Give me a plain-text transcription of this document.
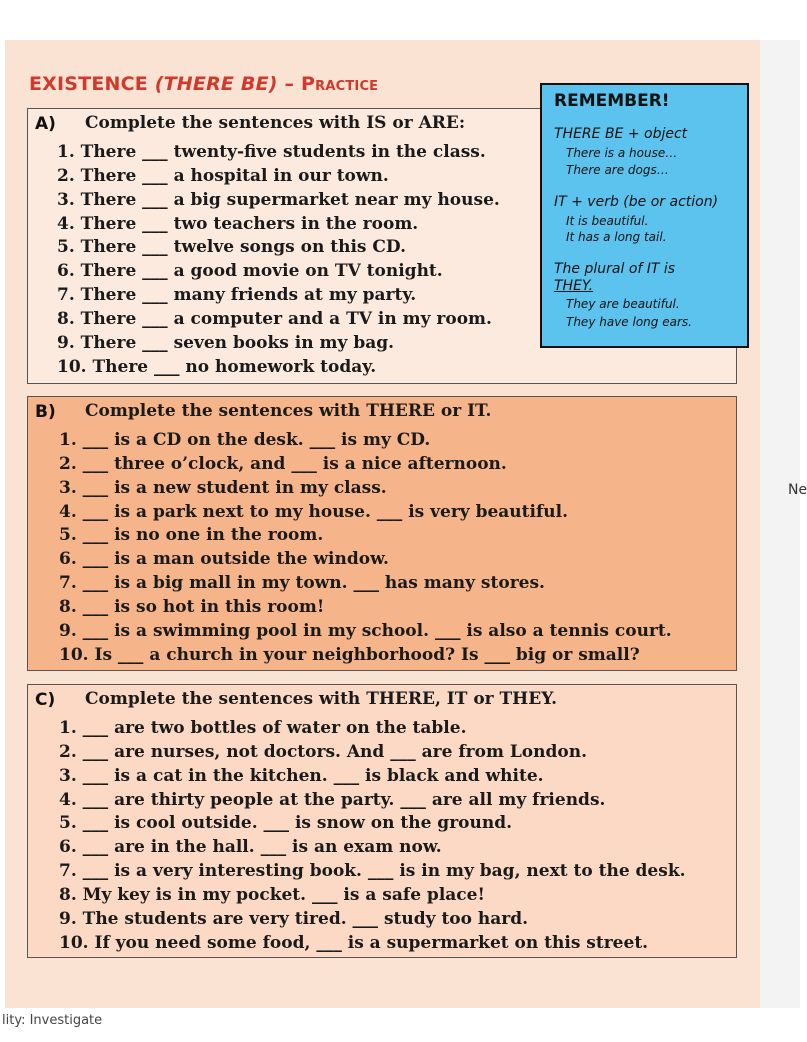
Ne
EXISTENCE (THERE BE) – Practice
A) Complete the sentences with IS or ARE:
1. There ___ twenty-five students in the class.
2. There ___ a hospital in our town.
3. There ___ a big supermarket near my house.
4. There ___ two teachers in the room.
5. There ___ twelve songs on this CD.
6. There ___ a good movie on TV tonight.
7. There ___ many friends at my party.
8. There ___ a computer and a TV in my room.
9. There ___ seven books in my bag.
10. There ___ no homework today.
REMEMBER!
THERE BE + object
There is a house…
There are dogs…
IT + verb (be or action)
It is beautiful.
It has a long tail.
The plural of IT is
THEY.
They are beautiful.
They have long ears.
B) Complete the sentences with THERE or IT.
1. ___ is a CD on the desk. ___ is my CD.
2. ___ three o’clock, and ___ is a nice afternoon.
3. ___ is a new student in my class.
4. ___ is a park next to my house. ___ is very beautiful.
5. ___ is no one in the room.
6. ___ is a man outside the window.
7. ___ is a big mall in my town. ___ has many stores.
8. ___ is so hot in this room!
9. ___ is a swimming pool in my school. ___ is also a tennis court.
10. Is ___ a church in your neighborhood? Is ___ big or small?
C) Complete the sentences with THERE, IT or THEY.
1. ___ are two bottles of water on the table.
2. ___ are nurses, not doctors. And ___ are from London.
3. ___ is a cat in the kitchen. ___ is black and white.
4. ___ are thirty people at the party. ___ are all my friends.
5. ___ is cool outside. ___ is snow on the ground.
6. ___ are in the hall. ___ is an exam now.
7. ___ is a very interesting book. ___ is in my bag, next to the desk.
8. My key is in my pocket. ___ is a safe place!
9. The students are very tired. ___ study too hard.
10. If you need some food, ___ is a supermarket on this street.
lity: Investigate
